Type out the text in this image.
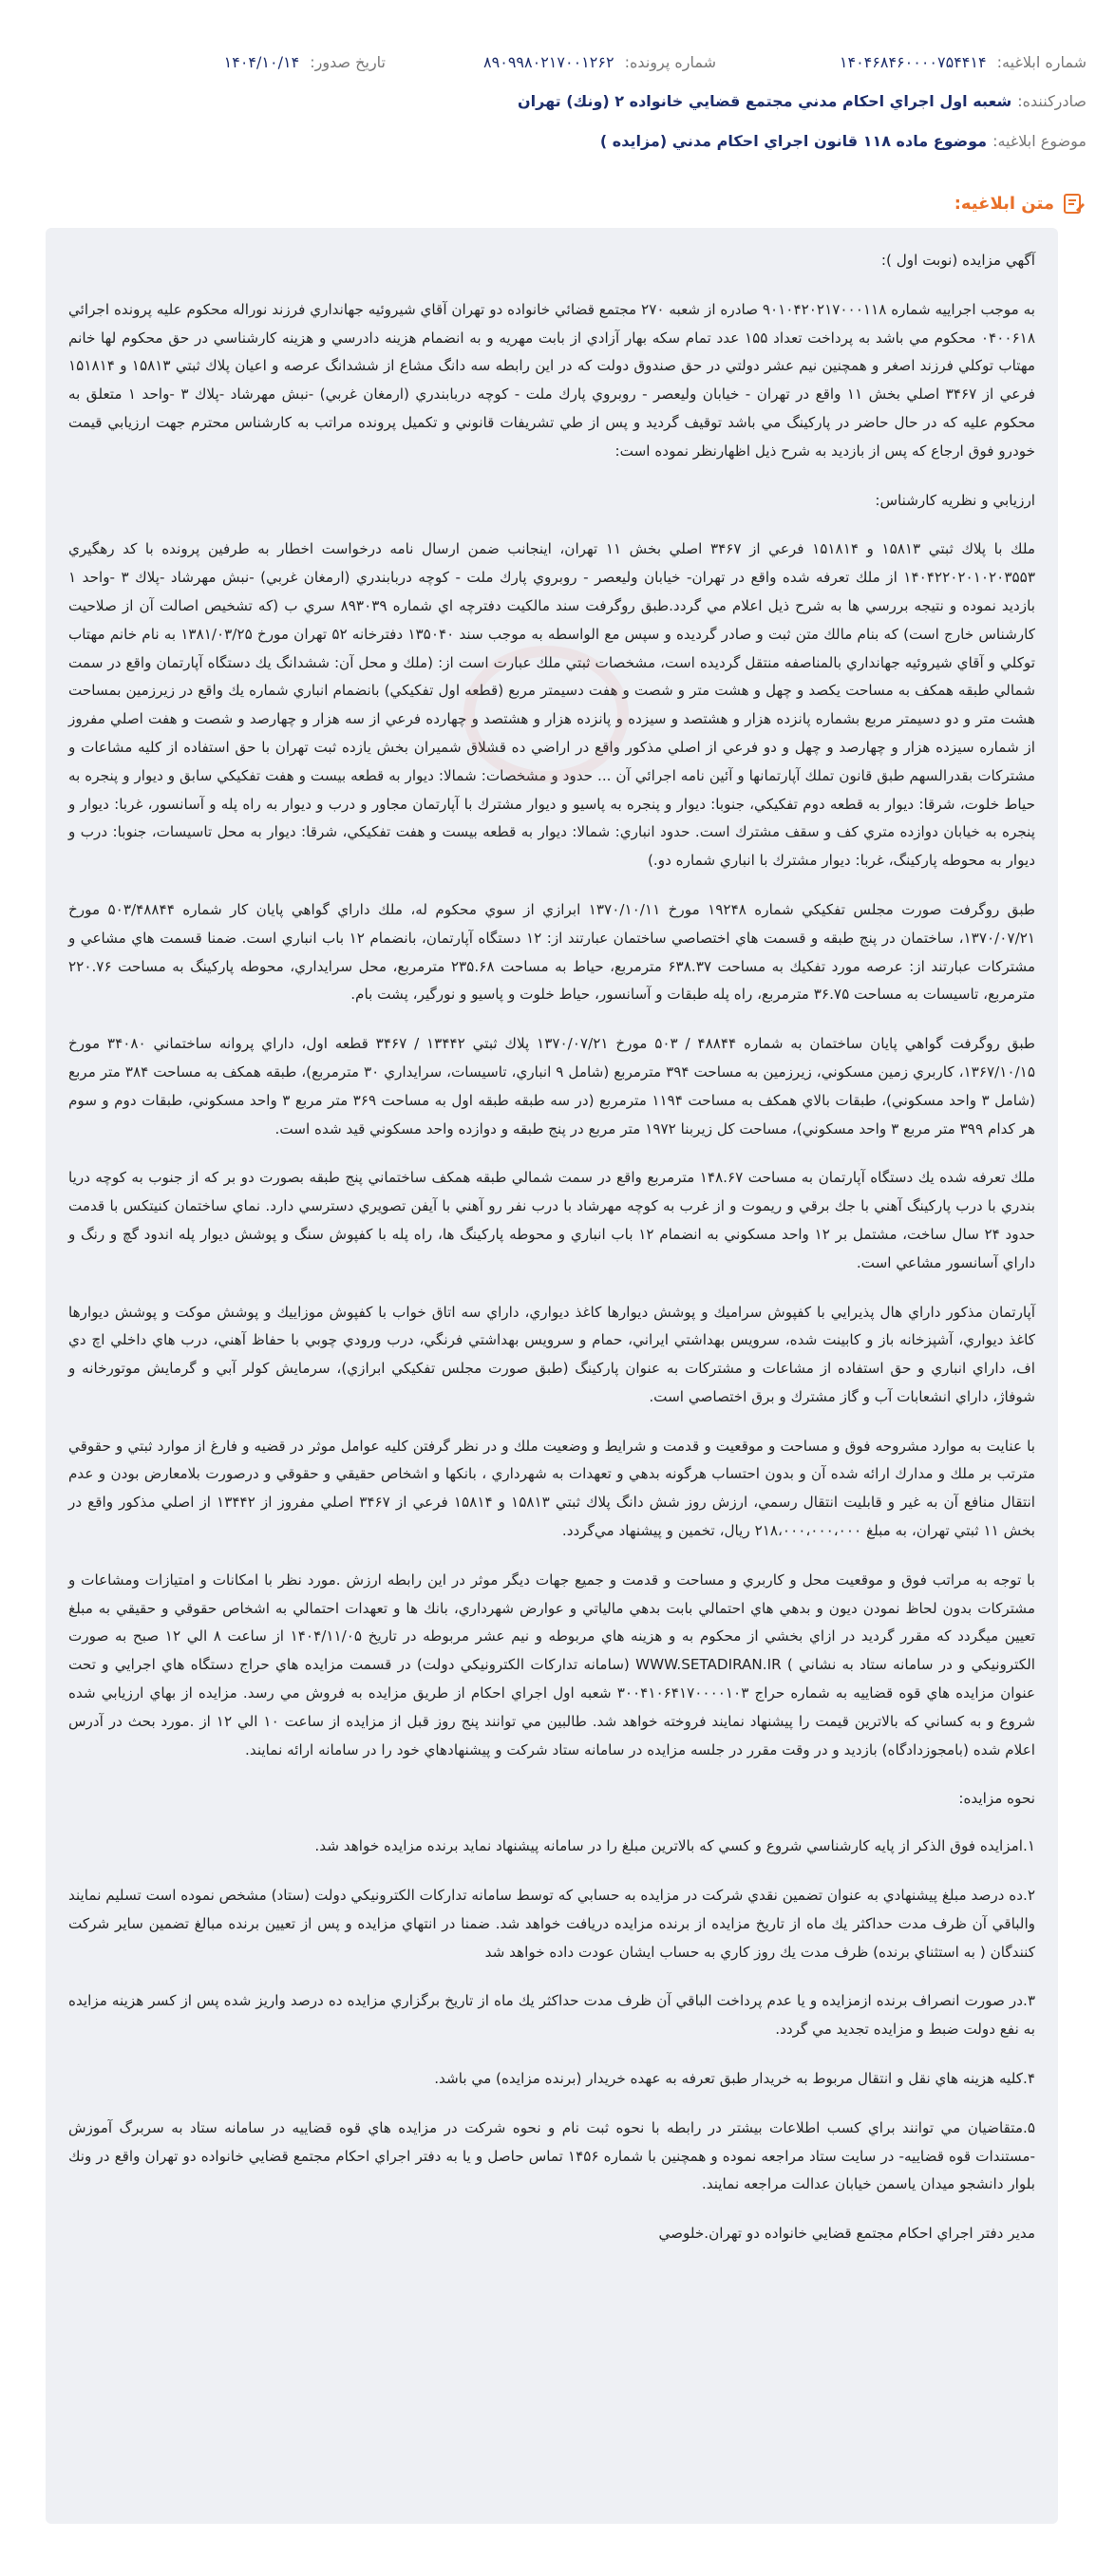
شماره ابلاغیه: ۱۴۰۴۶۸۴۶۰۰۰۰۷۵۴۴۱۴
شماره پرونده: ۸۹۰۹۹۸۰۲۱۷۰۰۱۲۶۲
تاریخ صدور: ۱۴۰۴/۱۰/۱۴
صادرکننده:
شعبه اول اجراي احكام مدني مجتمع قضايي خانواده ۲ (ونك) تهران
موضوع ابلاغیه:
موضوع ماده ۱۱۸ قانون اجراي احكام مدني (مزايده )
متن ابلاغیه:

آگهي مزايده (نوبت اول ):

به موجب اجراييه شماره ۹۰۱۰۴۲۰۲۱۷۰۰۰۱۱۸ صادره از شعبه ۲۷۰ مجتمع قضائي خانواده دو تهران آقاي شيروئيه جهانداري فرزند نوراله محكوم عليه پرونده اجرائي ۰۴۰۰۶۱۸ محكوم مي باشد به پرداخت تعداد ۱۵۵ عدد تمام سكه بهار آزادي از بابت مهريه و به انضمام هزينه دادرسي و هزينه كارشناسي در حق محكوم لها خانم مهتاب توكلي فرزند اصغر و همچنين نيم عشر دولتي در حق صندوق دولت كه در اين رابطه سه دانگ مشاع از ششدانگ عرصه و اعيان پلاك ثبتي ۱۵۸۱۳ و ۱۵۱۸۱۴ فرعي از ۳۴۶۷ اصلي بخش ۱۱ واقع در تهران - خيابان وليعصر - روبروي پارك ملت - كوچه دربابندري (ارمغان غربي) -نبش مهرشاد -پلاك ۳ -واحد ۱ متعلق به محكوم عليه كه در حال حاضر در پاركينگ مي باشد توقيف گرديد و پس از طي تشريفات قانوني و تكميل پرونده مراتب به كارشناس محترم جهت ارزيابي قيمت خودرو فوق ارجاع كه پس از بازديد به شرح ذيل اظهارنظر نموده است:

ارزيابي و نظريه كارشناس:

ملك با پلاك ثبتي ۱۵۸۱۳ و ۱۵۱۸۱۴ فرعي از ۳۴۶۷ اصلي بخش ۱۱ تهران، اينجانب ضمن ارسال نامه درخواست اخطار به طرفين پرونده با كد رهگيري ۱۴۰۴۲۲۰۲۰۱۰۲۰۳۵۵۳ از ملك تعرفه شده واقع در تهران- خيابان وليعصر - روبروي پارك ملت - كوچه دربابندري (ارمغان غربي) -نبش مهرشاد -پلاك ۳ -واحد ۱ بازديد نموده و نتيجه بررسي ها به شرح ذيل اعلام مي گردد.طبق روگرفت سند مالكيت دفترچه اي شماره ۸۹۳۰۳۹ سري ب (كه تشخيص اصالت آن از صلاحيت كارشناس خارج است) كه بنام مالك متن ثبت و صادر گرديده و سپس مع الواسطه به موجب سند ۱۳۵۰۴۰ دفترخانه ۵۲ تهران مورخ ۱۳۸۱/۰۳/۲۵ به نام خانم مهتاب توكلي و آقاي شيروئيه جهانداري بالمناصفه منتقل گرديده است، مشخصات ثبتي ملك عبارت است از: (ملك و محل آن: ششدانگ يك دستگاه آپارتمان واقع در سمت شمالي طبقه همكف به مساحت يكصد و چهل و هشت متر و شصت و هفت دسيمتر مربع (قطعه اول تفكيكي) بانضمام انباري شماره يك واقع در زيرزمين بمساحت هشت متر و دو دسيمتر مربع بشماره پانزده هزار و هشتصد و سيزده و پانزده هزار و هشتصد و چهارده فرعي از سه هزار و چهارصد و شصت و هفت اصلي مفروز از شماره سيزده هزار و چهارصد و چهل و دو فرعي از اصلي مذكور واقع در اراضي ده قشلاق شميران بخش يازده ثبت تهران با حق استفاده از كليه مشاعات و مشتركات بقدرالسهم طبق قانون تملك آپارتمانها و آئين نامه اجرائي آن ... حدود و مشخصات: شمالا: ديوار به قطعه بيست و هفت تفكيكي سابق و ديوار و پنجره به حياط خلوت، شرقا: ديوار به قطعه دوم تفكيكي، جنوبا: ديوار و پنجره به پاسيو و ديوار مشترك با آپارتمان مجاور و درب و ديوار به راه پله و آسانسور، غربا: ديوار و پنجره به خيابان دوازده متري كف و سقف مشترك است. حدود انباري: شمالا: ديوار به قطعه بيست و هفت تفكيكي، شرقا: ديوار به محل تاسيسات، جنوبا: درب و ديوار به محوطه پاركينگ، غربا: ديوار مشترك با انباري شماره دو.)

طبق روگرفت صورت مجلس تفكيكي شماره ۱۹۲۴۸ مورخ ۱۳۷۰/۱۰/۱۱ ابرازي از سوي محكوم له، ملك داراي گواهي پايان كار شماره ۵۰۳/۴۸۸۴۴ مورخ ۱۳۷۰/۰۷/۲۱، ساختمان در پنج طبقه و قسمت هاي اختصاصي ساختمان عبارتند از: ۱۲ دستگاه آپارتمان، بانضمام ۱۲ باب انباري است. ضمنا قسمت هاي مشاعي و مشتركات عبارتند از: عرصه مورد تفكيك به مساحت ۶۳۸.۳۷ مترمربع، حياط به مساحت ۲۳۵.۶۸ مترمربع، محل سرايداري، محوطه پاركينگ به مساحت ۲۲۰.۷۶ مترمربع، تاسيسات به مساحت ۳۶.۷۵ مترمربع، راه پله طبقات و آسانسور، حياط خلوت و پاسيو و نورگير، پشت بام.

طبق روگرفت گواهي پايان ساختمان به شماره ۴۸۸۴۴ / ۵۰۳ مورخ ۱۳۷۰/۰۷/۲۱ پلاك ثبتي ۱۳۴۴۲ / ۳۴۶۷ قطعه اول، داراي پروانه ساختماني ۳۴۰۸۰ مورخ ۱۳۶۷/۱۰/۱۵، كاربري زمين مسكوني، زيرزمين به مساحت ۳۹۴ مترمربع (شامل ۹ انباري، تاسيسات، سرايداري ۳۰ مترمربع)، طبقه همكف به مساحت ۳۸۴ متر مربع (شامل ۳ واحد مسكوني)، طبقات بالاي همكف به مساحت ۱۱۹۴ مترمربع (در سه طبقه طبقه اول به مساحت ۳۶۹ متر مربع ۳ واحد مسكوني، طبقات دوم و سوم هر كدام ۳۹۹ متر مربع ۳ واحد مسكوني)، مساحت كل زيربنا ۱۹۷۲ متر مربع در پنج طبقه و دوازده واحد مسكوني قيد شده است.

ملك تعرفه شده يك دستگاه آپارتمان به مساحت ۱۴۸.۶۷ مترمربع واقع در سمت شمالي طبقه همكف ساختماني پنج طبقه بصورت دو بر كه از جنوب به كوچه دريا بندري با درب پاركينگ آهني با جك برقي و ريموت و از غرب به كوچه مهرشاد با درب نفر رو آهني با آيفن تصويري دسترسي دارد. نماي ساختمان كنيتكس با قدمت حدود ۲۴ سال ساخت، مشتمل بر ۱۲ واحد مسكوني به انضمام ۱۲ باب انباري و محوطه پاركينگ ها، راه پله با كفپوش سنگ و پوشش ديوار پله اندود گچ و رنگ و داراي آسانسور مشاعي است.

آپارتمان مذكور داراي هال پذيرايي با كفپوش سراميك و پوشش ديوارها كاغذ ديواري، داراي سه اتاق خواب با كفپوش موزاييك و پوشش موكت و پوشش ديوارها كاغذ ديواري، آشپزخانه باز و كابينت شده، سرويس بهداشتي ايراني، حمام و سرويس بهداشتي فرنگي، درب ورودي چوبي با حفاظ آهني، درب هاي داخلي اچ دي اف، داراي انباري و حق استفاده از مشاعات و مشتركات به عنوان پاركينگ (طبق صورت مجلس تفكيكي ابرازي)، سرمايش كولر آبي و گرمايش موتورخانه و شوفاژ، داراي انشعابات آب و گاز مشترك و برق اختصاصي است.

با عنايت به موارد مشروحه فوق و مساحت و موقعيت و قدمت و شرايط و وضعيت ملك و در نظر گرفتن كليه عوامل موثر در قضيه و فارغ از موارد ثبتي و حقوقي مترتب بر ملك و مدارك ارائه شده آن و بدون احتساب هرگونه بدهي و تعهدات به شهرداري ، بانكها و اشخاص حقيقي و حقوقي و درصورت بلامعارض بودن و عدم انتقال منافع آن به غير و قابليت انتقال رسمي، ارزش روز شش دانگ پلاك ثبتي ۱۵۸۱۳ و ۱۵۸۱۴ فرعي از ۳۴۶۷ اصلي مفروز از ۱۳۴۴۲ از اصلي مذكور واقع در بخش ۱۱ ثبتي تهران، به مبلغ ۲۱۸،۰۰۰،۰۰۰،۰۰۰ ريال، تخمين و پيشنهاد مي‌گردد.

با توجه به مراتب فوق و موقعيت محل و كاربري و مساحت و قدمت و جميع جهات ديگر موثر در اين رابطه ارزش .مورد نظر با امكانات و امتيازات ومشاعات و مشتركات بدون لحاظ نمودن ديون و بدهي هاي احتمالي بابت بدهي مالياتي و عوارض شهرداري، بانك ها و تعهدات احتمالي به اشخاص حقوقي و حقيقي به مبلغ تعيين ميگردد كه مقرر گرديد در ازاي بخشي از محكوم به و هزينه هاي مربوطه و نيم عشر مربوطه در تاريخ ۱۴۰۴/۱۱/۰۵ از ساعت ۸ الي ۱۲ صبح به صورت الكترونيكي و در سامانه ستاد به نشاني ) WWW.SETADIRAN.IR (سامانه تداركات الكترونيكي دولت) در قسمت مزايده هاي حراج دستگاه هاي اجرايي و تحت عنوان مزايده هاي قوه قضاييه به شماره حراج ۳۰۰۴۱۰۶۴۱۷۰۰۰۰۱۰۳ شعبه اول اجراي احكام از طريق مزايده به فروش مي رسد. مزايده از بهاي ارزيابي شده شروع و به كساني كه بالاترين قيمت را پيشنهاد نمايند فروخته خواهد شد. طالبين مي توانند پنج روز قبل از مزايده از ساعت ۱۰ الي ۱۲ از .مورد بحث در آدرس اعلام شده (بامجوزدادگاه) بازديد و در وقت مقرر در جلسه مزايده در سامانه ستاد شركت و پيشنهادهاي خود را در سامانه ارائه نمايند.

نحوه مزايده:

۱.امزايده فوق الذكر از پايه كارشناسي شروع و كسي كه بالاترين مبلغ را در سامانه پيشنهاد نمايد برنده مزايده خواهد شد.

۲.ده درصد مبلغ پيشنهادي به عنوان تضمين نقدي شركت در مزايده به حسابي كه توسط سامانه تداركات الكترونيكي دولت (ستاد) مشخص نموده است تسليم نمايند والباقي آن ظرف مدت حداكثر يك ماه از تاريخ مزايده از برنده مزايده دريافت خواهد شد. ضمنا در انتهاي مزايده و پس از تعيين برنده مبالغ تضمين ساير شركت كنندگان ( به استثناي برنده) ظرف مدت يك روز كاري به حساب ايشان عودت داده خواهد شد

۳.در صورت انصراف برنده ازمزايده و يا عدم پرداخت الباقي آن ظرف مدت حداكثر يك ماه از تاريخ برگزاري مزايده ده درصد واريز شده پس از كسر هزينه مزايده به نفع دولت ضبط و مزايده تجديد مي گردد.

۴.كليه هزينه هاي نقل و انتقال مربوط به خريدار طبق تعرفه به عهده خريدار (برنده مزايده) مي باشد.

۵.متقاضيان مي توانند براي كسب اطلاعات بيشتر در رابطه با نحوه ثبت نام و نحوه شركت در مزايده هاي قوه قضاييه در سامانه ستاد به سربرگ آموزش -مستندات قوه قضاييه- در سايت ستاد مراجعه نموده و همچنين با شماره ۱۴۵۶ تماس حاصل و يا به دفتر اجراي احكام مجتمع قضايي خانواده دو تهران واقع در ونك بلوار دانشجو ميدان ياسمن خيابان عدالت مراجعه نمايند.

مدير دفتر اجراي احكام مجتمع قضايي خانواده دو تهران.خلوصي
